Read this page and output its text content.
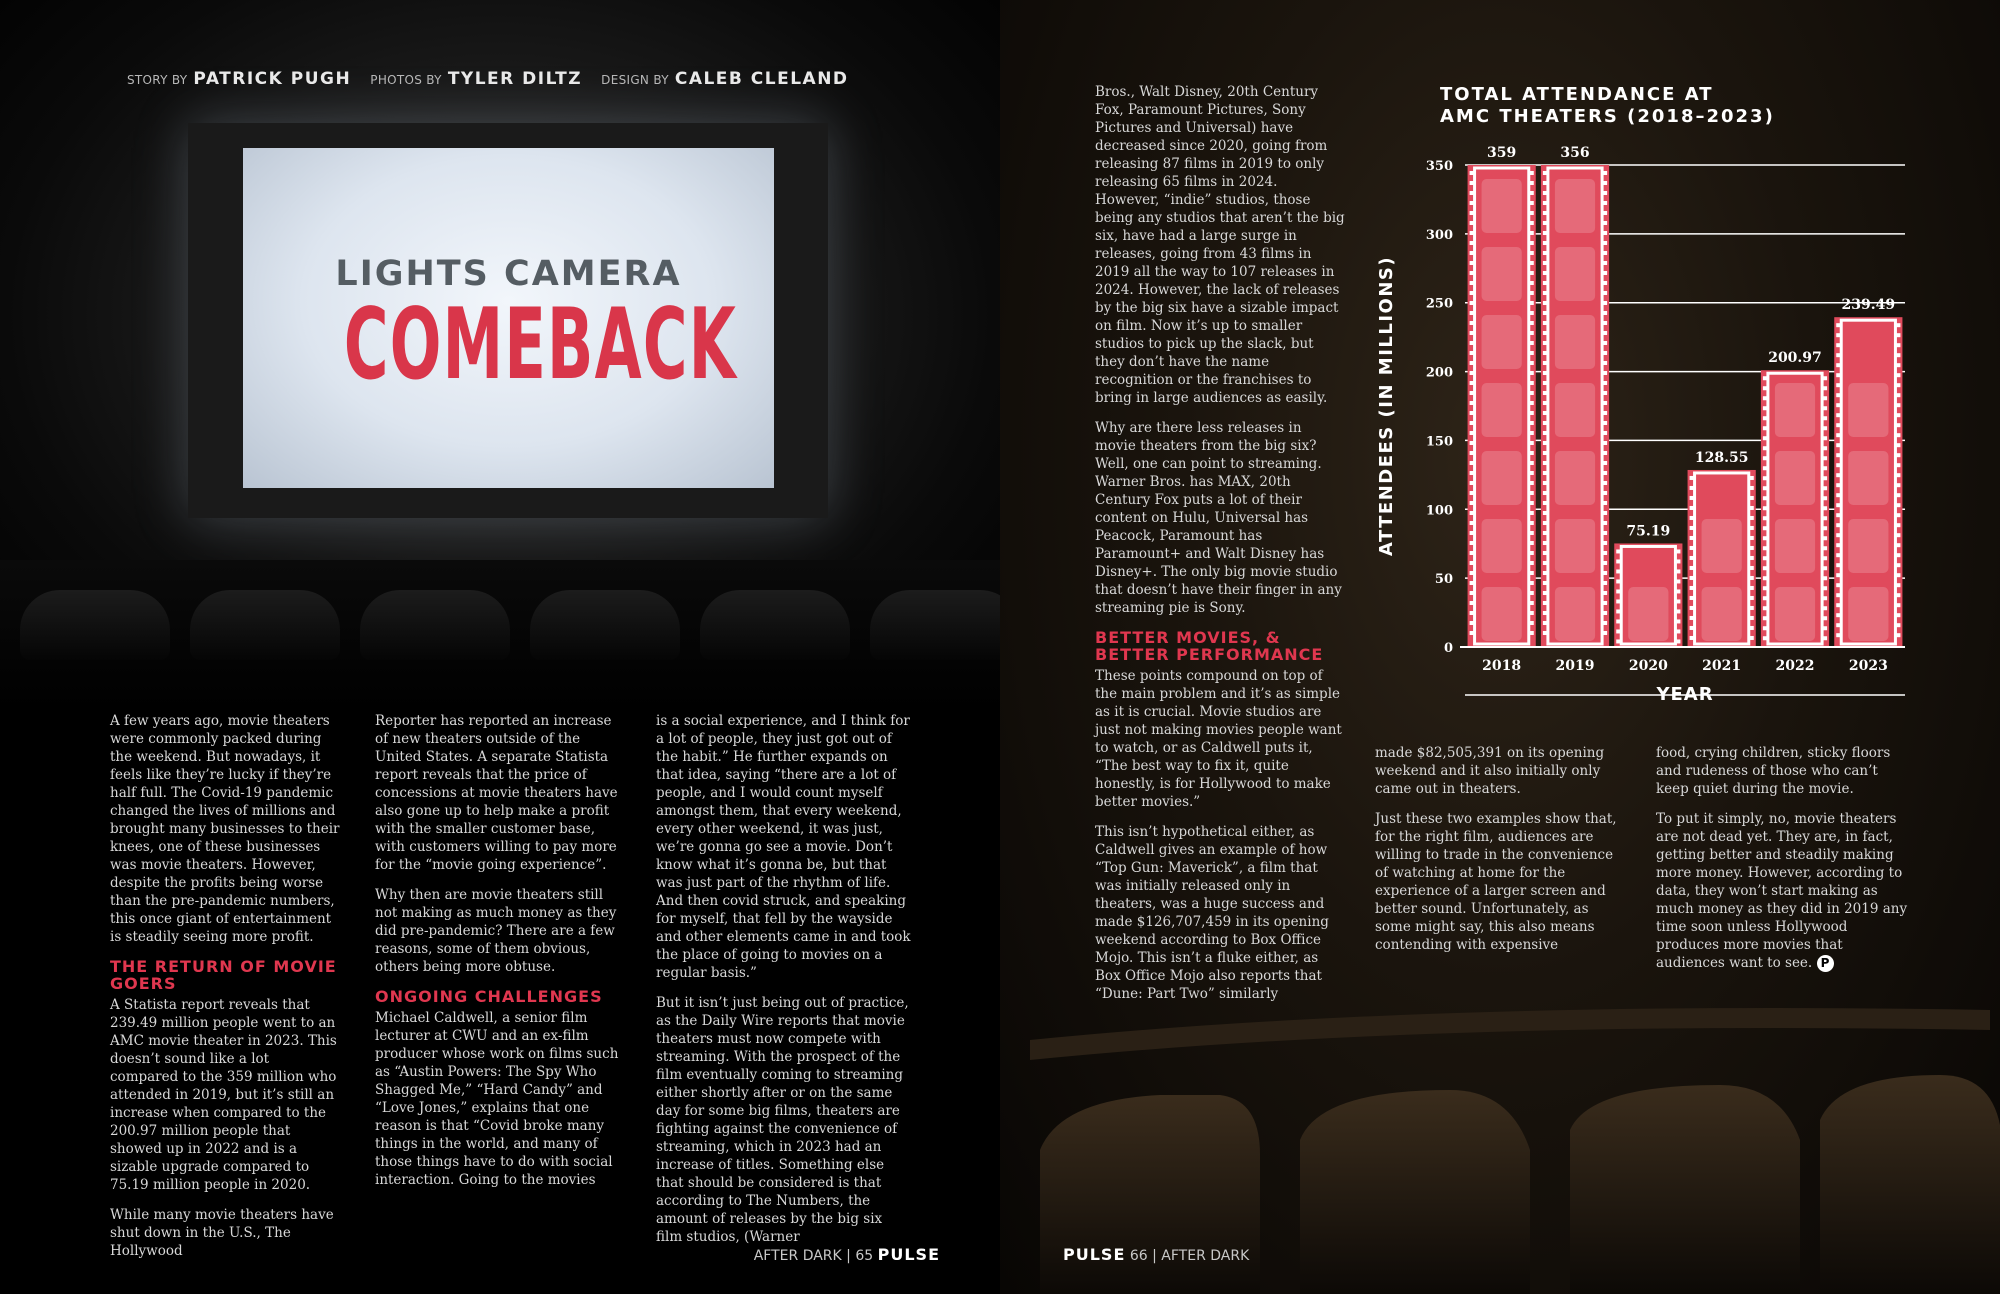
LIGHTS CAMERA
COMEBACK
STORY BY PATRICK PUGH PHOTOS BY TYLER DILTZ DESIGN BY CALEB CLELAND

A few years ago, movie theaters were commonly packed during the weekend. But nowadays, it feels like they’re lucky if they’re half full. The Covid-19 pandemic changed the lives of millions and brought many businesses to their knees, one of these businesses was movie theaters. However, despite the profits being worse than the pre-pandemic numbers, this once giant of entertainment is steadily seeing more profit.

THE RETURN OF MOVIE GOERS

A Statista report reveals that 239.49 million people went to an AMC movie theater in 2023. This doesn’t sound like a lot compared to the 359 million who attended in 2019, but it’s still an increase when compared to the 200.97 million people that showed up in 2022 and is a sizable upgrade compared to 75.19 million people in 2020.

While many movie theaters have shut down in the U.S., The Hollywood

Reporter has reported an increase of new theaters outside of the United States. A separate Statista report reveals that the price of concessions at movie theaters have also gone up to help make a profit with the smaller customer base, with customers willing to pay more for the “movie going experience”.

Why then are movie theaters still not making as much money as they did pre-pandemic? There are a few reasons, some of them obvious, others being more obtuse.

ONGOING CHALLENGES

Michael Caldwell, a senior film lecturer at CWU and an ex-film producer whose work on films such as “Austin Powers: The Spy Who Shagged Me,” “Hard Candy” and “Love Jones,” explains that one reason is that “Covid broke many things in the world, and many of those things have to do with social interaction. Going to the movies

is a social experience, and I think for a lot of people, they just got out of the habit.” He further expands on that idea, saying “there are a lot of people, and I would count myself amongst them, that every weekend, every other weekend, it was just, we’re gonna go see a movie. Don’t know what it’s gonna be, but that was just part of the rhythm of life. And then covid struck, and speaking for myself, that fell by the wayside and other elements came in and took the place of going to movies on a regular basis.”

But it isn’t just being out of practice, as the Daily Wire reports that movie theaters must now compete with streaming. With the prospect of the film eventually coming to streaming either shortly after or on the same day for some big films, theaters are fighting against the convenience of streaming, which in 2023 had an increase of titles. Something else that should be considered is that according to The Numbers, the amount of releases by the big six film studios, (Warner

AFTER DARK | 65 PULSE

Bros., Walt Disney, 20th Century Fox, Paramount Pictures, Sony Pictures and Universal) have decreased since 2020, going from releasing 87 films in 2019 to only releasing 65 films in 2024. However, “indie” studios, those being any studios that aren’t the big six, have had a large surge in releases, going from 43 films in 2019 all the way to 107 releases in 2024. However, the lack of releases by the big six have a sizable impact on film. Now it’s up to smaller studios to pick up the slack, but they don’t have the name recognition or the franchises to bring in large audiences as easily.

Why are there less releases in movie theaters from the big six? Well, one can point to streaming. Warner Bros. has MAX, 20th Century Fox puts a lot of their content on Hulu, Universal has Peacock, Paramount has Paramount+ and Walt Disney has Disney+. The only big movie studio that doesn’t have their finger in any streaming pie is Sony.

BETTER MOVIES, & BETTER PERFORMANCE

These points compound on top of the main problem and it’s as simple as it is crucial. Movie studios are just not making movies people want to watch, or as Caldwell puts it, “The best way to fix it, quite honestly, is for Hollywood to make better movies.”

This isn’t hypothetical either, as Caldwell gives an example of how “Top Gun: Maverick”, a film that was initially released only in theaters, was a huge success and made $126,707,459 in its opening weekend according to Box Office Mojo. This isn’t a fluke either, as Box Office Mojo also reports that “Dune: Part Two” similarly

TOTAL ATTENDANCE AT
AMC THEATERS (2018–2023)
359	356
75.19
128.55
200.97
239.49
0
50
100
150
200
250
300
350
2018 2019 2020 2021 2022 2023
YEAR
ATTENDEES (IN MILLIONS)

made $82,505,391 on its opening weekend and it also initially only came out in theaters.

Just these two examples show that, for the right film, audiences are willing to trade in the convenience of watching at home for the experience of a larger screen and better sound. Unfortunately, as some might say, this also means contending with expensive

food, crying children, sticky floors and rudeness of those who can’t keep quiet during the movie.

To put it simply, no, movie theaters are not dead yet. They are, in fact, getting better and steadily making more money. However, according to data, they won’t start making as much money as they did in 2019 any time soon unless Hollywood produces more movies that audiences want to see. P

PULSE 66 | AFTER DARK
